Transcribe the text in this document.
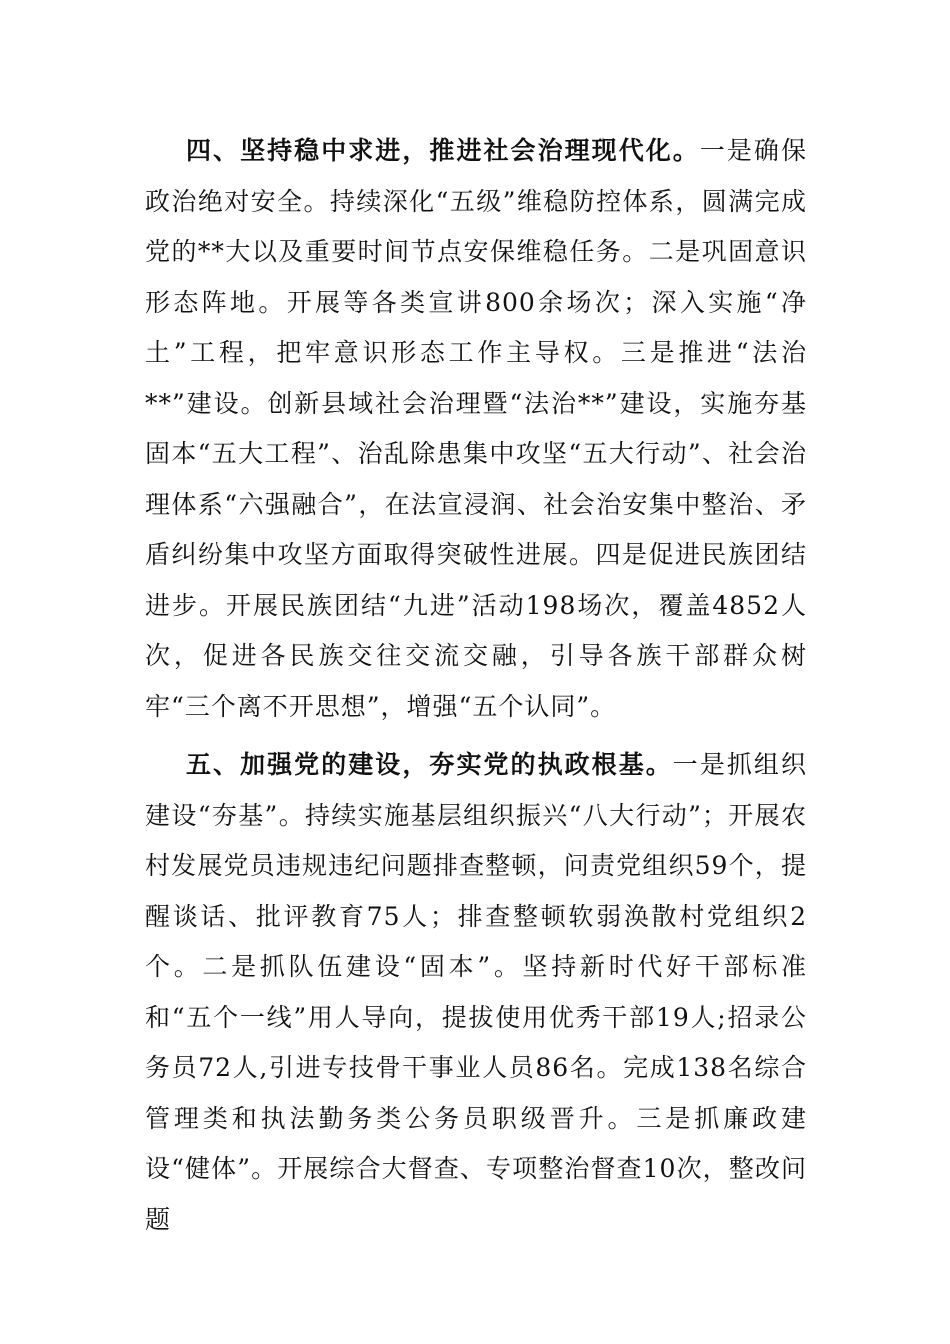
四、坚持稳中求进，推进社会治理现代化。一是确保政治绝对安全。持续深化“五级”维稳防控体系，圆满完成党的**大以及重要时间节点安保维稳任务。二是巩固意识形态阵地。开展等各类宣讲800余场次；深入实施“净土”工程，把牢意识形态工作主导权。三是推进“法治**”建设。创新县域社会治理暨“法治**”建设，实施夯基固本“五大工程”、治乱除患集中攻坚“五大行动”、社会治理体系“六强融合”，在法宣浸润、社会治安集中整治、矛盾纠纷集中攻坚方面取得突破性进展。四是促进民族团结进步。开展民族团结“九进”活动198场次，覆盖4852人次，促进各民族交往交流交融，引导各族干部群众树牢“三个离不开思想”，增强“五个认同”。

五、加强党的建设，夯实党的执政根基。一是抓组织建设“夯基”。持续实施基层组织振兴“八大行动”；开展农村发展党员违规违纪问题排查整顿，问责党组织59个，提醒谈话、批评教育75人；排查整顿软弱涣散村党组织2个。二是抓队伍建设“固本”。坚持新时代好干部标准和“五个一线”用人导向，提拔使用优秀干部19人;招录公务员72人,引进专技骨干事业人员86名。完成138名综合管理类和执法勤务类公务员职级晋升。三是抓廉政建设“健体”。开展综合大督查、专项整治督查10次，整改问题
